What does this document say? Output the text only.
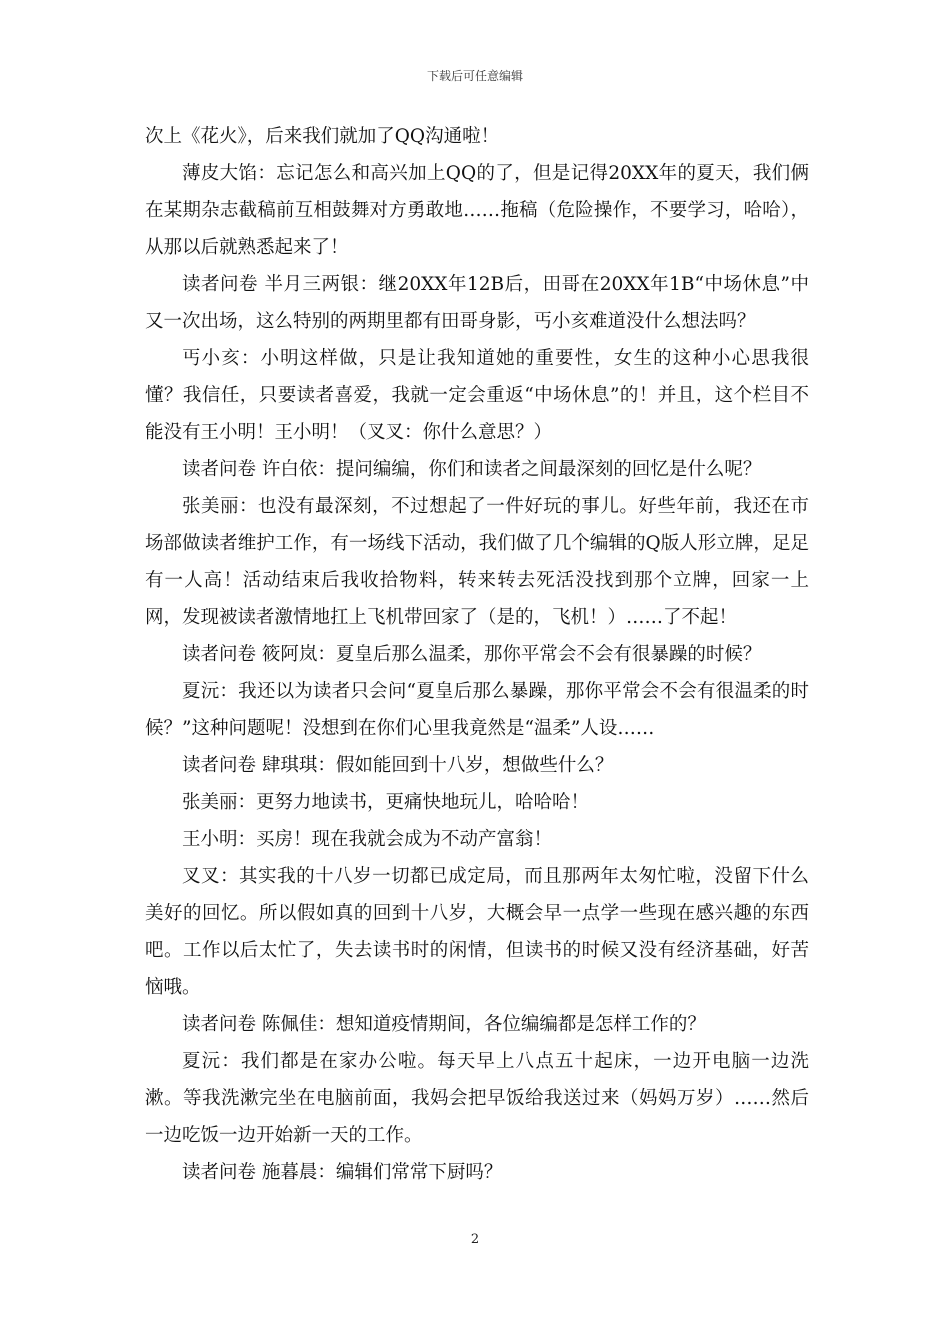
下载后可任意编辑

次上《花火》，后来我们就加了QQ沟通啦！

薄皮大馅：忘记怎么和高兴加上QQ的了，但是记得20XX年的夏天，我们俩在某期杂志截稿前互相鼓舞对方勇敢地……拖稿（危险操作，不要学习，哈哈），从那以后就熟悉起来了！

读者问卷 半月三两银：继20XX年12B后，田哥在20XX年1B“中场休息”中又一次出场，这么特别的两期里都有田哥身影，丐小亥难道没什么想法吗？

丐小亥：小明这样做，只是让我知道她的重要性，女生的这种小心思我很懂？我信任，只要读者喜爱，我就一定会重返“中场休息”的！并且，这个栏目不能没有王小明！王小明！（叉叉：你什么意思？）

读者问卷 许白依：提问编编，你们和读者之间最深刻的回忆是什么呢？

张美丽：也没有最深刻，不过想起了一件好玩的事儿。好些年前，我还在市场部做读者维护工作，有一场线下活动，我们做了几个编辑的Q版人形立牌，足足有一人高！活动结束后我收拾物料，转来转去死活没找到那个立牌，回家一上网，发现被读者激情地扛上飞机带回家了（是的，飞机！）……了不起！

读者问卷 筱阿岚：夏皇后那么温柔，那你平常会不会有很暴躁的时候？

夏沅：我还以为读者只会问“夏皇后那么暴躁，那你平常会不会有很温柔的时候？”这种问题呢！没想到在你们心里我竟然是“温柔”人设……

读者问卷 肆琪琪：假如能回到十八岁，想做些什么？

张美丽：更努力地读书，更痛快地玩儿，哈哈哈！

王小明：买房！现在我就会成为不动产富翁！

叉叉：其实我的十八岁一切都已成定局，而且那两年太匆忙啦，没留下什么美好的回忆。所以假如真的回到十八岁，大概会早一点学一些现在感兴趣的东西吧。工作以后太忙了，失去读书时的闲情，但读书的时候又没有经济基础，好苦恼哦。

读者问卷 陈佩佳：想知道疫情期间，各位编编都是怎样工作的？

夏沅：我们都是在家办公啦。每天早上八点五十起床，一边开电脑一边洗漱。等我洗漱完坐在电脑前面，我妈会把早饭给我送过来（妈妈万岁）……然后一边吃饭一边开始新一天的工作。

读者问卷 施暮晨：编辑们常常下厨吗？

2
